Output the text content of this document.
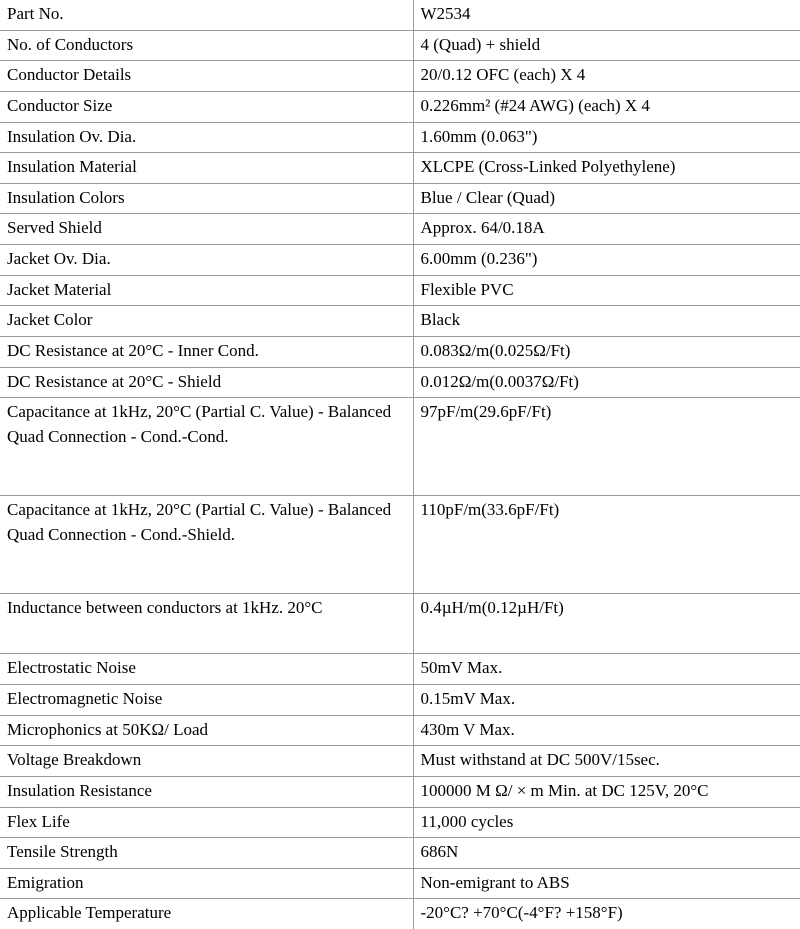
Part No.	W2534
No. of Conductors	4 (Quad) + shield
Conductor Details	20/0.12 OFC (each) X 4
Conductor Size	0.226mm² (#24 AWG) (each) X 4
Insulation Ov. Dia.	1.60mm (0.063")
Insulation Material	XLCPE (Cross-Linked Polyethylene)
Insulation Colors	Blue / Clear (Quad)
Served Shield	Approx. 64/0.18A
Jacket Ov. Dia.	6.00mm (0.236")
Jacket Material	Flexible PVC
Jacket Color	Black
DC Resistance at 20°C - Inner Cond.	0.083Ω/m(0.025Ω/Ft)
DC Resistance at 20°C - Shield	0.012Ω/m(0.0037Ω/Ft)
Capacitance at 1kHz, 20°C (Partial C. Value) - Balanced Quad Connection - Cond.-Cond.	97pF/m(29.6pF/Ft)
Capacitance at 1kHz, 20°C (Partial C. Value) - Balanced Quad Connection - Cond.-Shield.	110pF/m(33.6pF/Ft)
Inductance between conductors at 1kHz. 20°C	0.4µH/m(0.12µH/Ft)
Electrostatic Noise	50mV Max.
Electromagnetic Noise	0.15mV Max.
Microphonics at 50KΩ/ Load	430m V Max.
Voltage Breakdown	Must withstand at DC 500V/15sec.
Insulation Resistance	100000 M Ω/ × m Min. at DC 125V, 20°C
Flex Life	11,000 cycles
Tensile Strength	686N
Emigration	Non-emigrant to ABS
Applicable Temperature	-20°C? +70°C(-4°F? +158°F)
